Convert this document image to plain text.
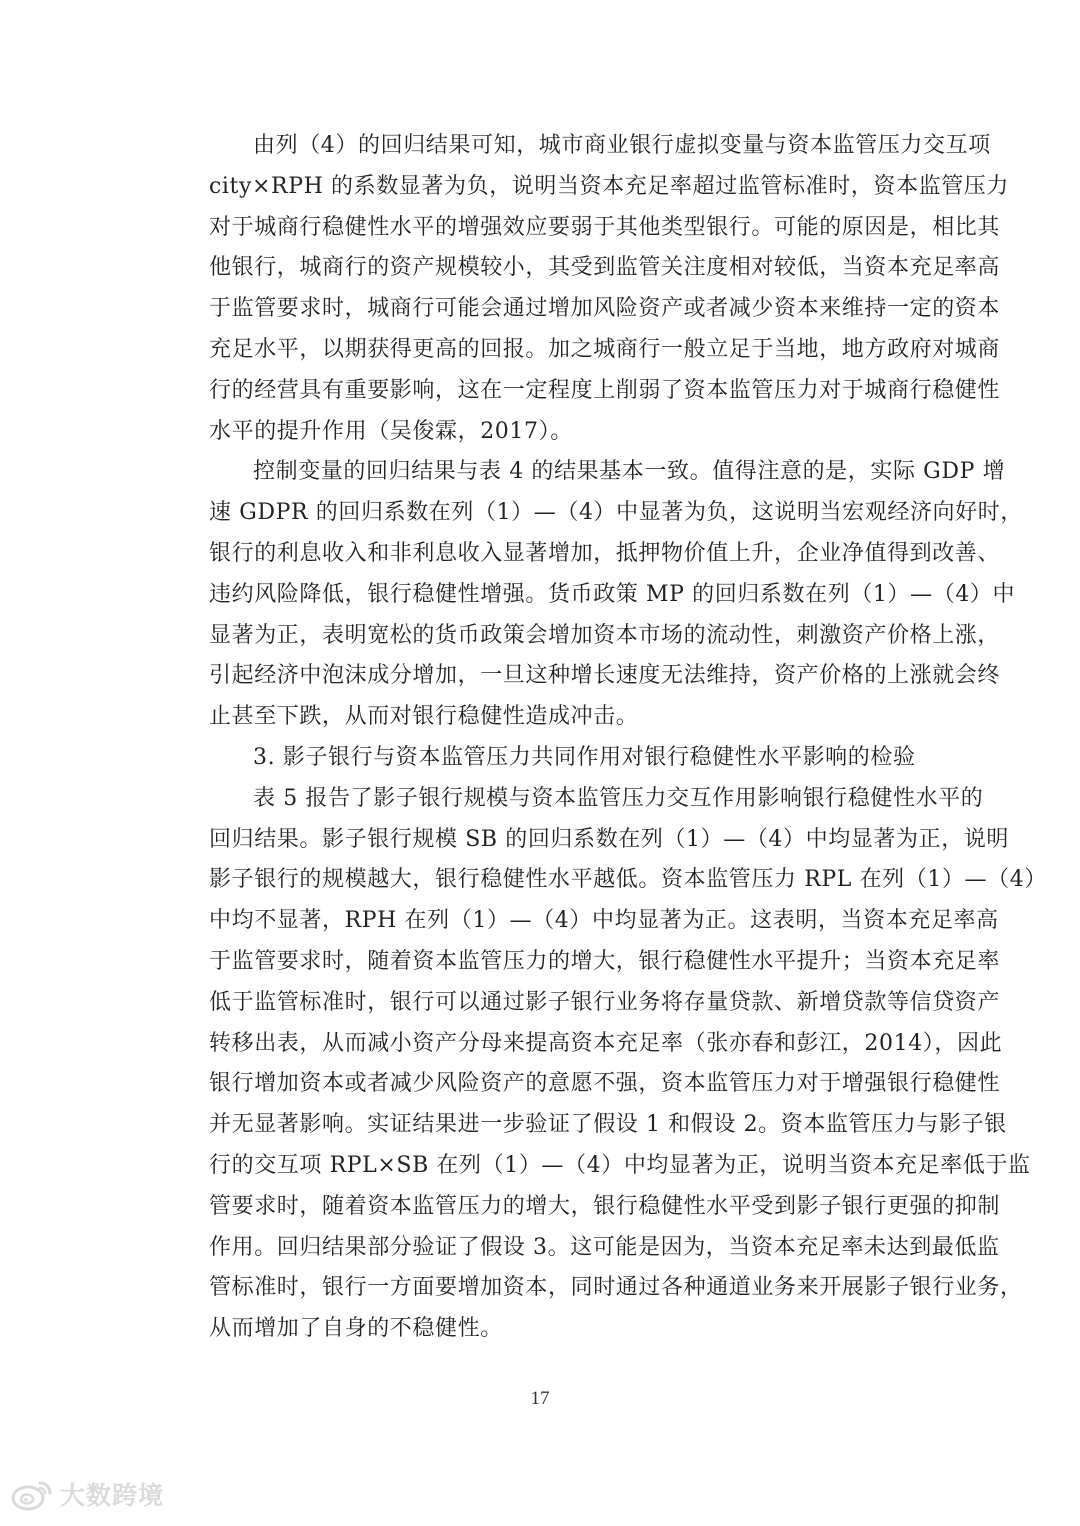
由列（4）的回归结果可知，城市商业银行虚拟变量与资本监管压力交互项
city×RPH 的系数显著为负，说明当资本充足率超过监管标准时，资本监管压力
对于城商行稳健性水平的增强效应要弱于其他类型银行。可能的原因是，相比其
他银行，城商行的资产规模较小，其受到监管关注度相对较低，当资本充足率高
于监管要求时，城商行可能会通过增加风险资产或者减少资本来维持一定的资本
充足水平，以期获得更高的回报。加之城商行一般立足于当地，地方政府对城商
行的经营具有重要影响，这在一定程度上削弱了资本监管压力对于城商行稳健性
水平的提升作用（吴俊霖，2017）。
控制变量的回归结果与表 4 的结果基本一致。值得注意的是，实际 GDP 增
速 GDPR 的回归系数在列（1）—（4）中显著为负，这说明当宏观经济向好时，
银行的利息收入和非利息收入显著增加，抵押物价值上升，企业净值得到改善、
违约风险降低，银行稳健性增强。货币政策 MP 的回归系数在列（1）—（4）中
显著为正，表明宽松的货币政策会增加资本市场的流动性，刺激资产价格上涨，
引起经济中泡沫成分增加，一旦这种增长速度无法维持，资产价格的上涨就会终
止甚至下跌，从而对银行稳健性造成冲击。
3. 影子银行与资本监管压力共同作用对银行稳健性水平影响的检验
表 5 报告了影子银行规模与资本监管压力交互作用影响银行稳健性水平的
回归结果。影子银行规模 SB 的回归系数在列（1）—（4）中均显著为正，说明
影子银行的规模越大，银行稳健性水平越低。资本监管压力 RPL 在列（1）—（4）
中均不显著，RPH 在列（1）—（4）中均显著为正。这表明，当资本充足率高
于监管要求时，随着资本监管压力的增大，银行稳健性水平提升；当资本充足率
低于监管标准时，银行可以通过影子银行业务将存量贷款、新增贷款等信贷资产
转移出表，从而减小资产分母来提高资本充足率（张亦春和彭江，2014），因此
银行增加资本或者减少风险资产的意愿不强，资本监管压力对于增强银行稳健性
并无显著影响。实证结果进一步验证了假设 1 和假设 2。资本监管压力与影子银
行的交互项 RPL×SB 在列（1）—（4）中均显著为正，说明当资本充足率低于监
管要求时，随着资本监管压力的增大，银行稳健性水平受到影子银行更强的抑制
作用。回归结果部分验证了假设 3。这可能是因为，当资本充足率未达到最低监
管标准时，银行一方面要增加资本，同时通过各种通道业务来开展影子银行业务，
从而增加了自身的不稳健性。
17
大数跨境
